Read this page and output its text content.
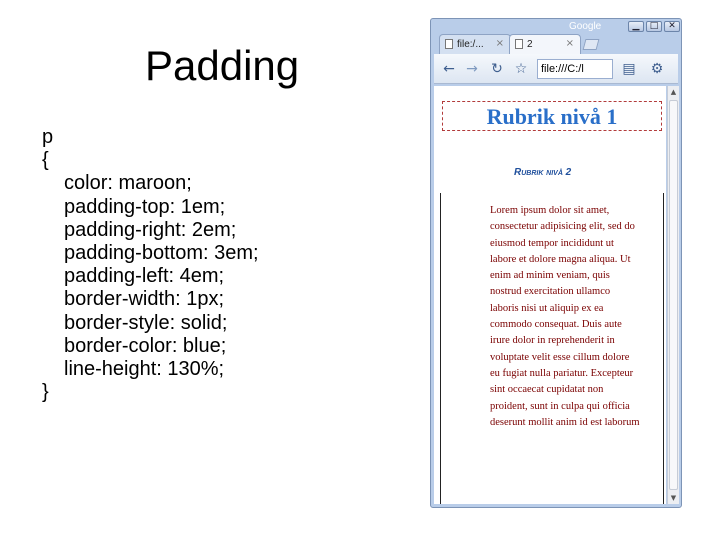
Padding
p
{
color: maroon;
padding-top: 1em;
padding-right: 2em;
padding-bottom: 3em;
padding-left: 4em;
border-width: 1px;
border-style: solid;
border-color: blue;
line-height: 130%;
}
Google	▁	□	✕
file:/... × 2	×
← → ↻ ☆ file:///C:/l	▤ ⚙
Rubrik nivå 1
Rubrik nivå 2
Lorem ipsum dolor sit amet, consectetur adipisicing elit, sed do eiusmod tempor incididunt ut labore et dolore magna aliqua. Ut enim ad minim veniam, quis nostrud exercitation ullamco laboris nisi ut aliquip ex ea commodo consequat. Duis aute irure dolor in reprehenderit in voluptate velit esse cillum dolore eu fugiat nulla pariatur. Excepteur sint occaecat cupidatat non proident, sunt in culpa qui officia deserunt mollit anim id est laborum
▲
▼
